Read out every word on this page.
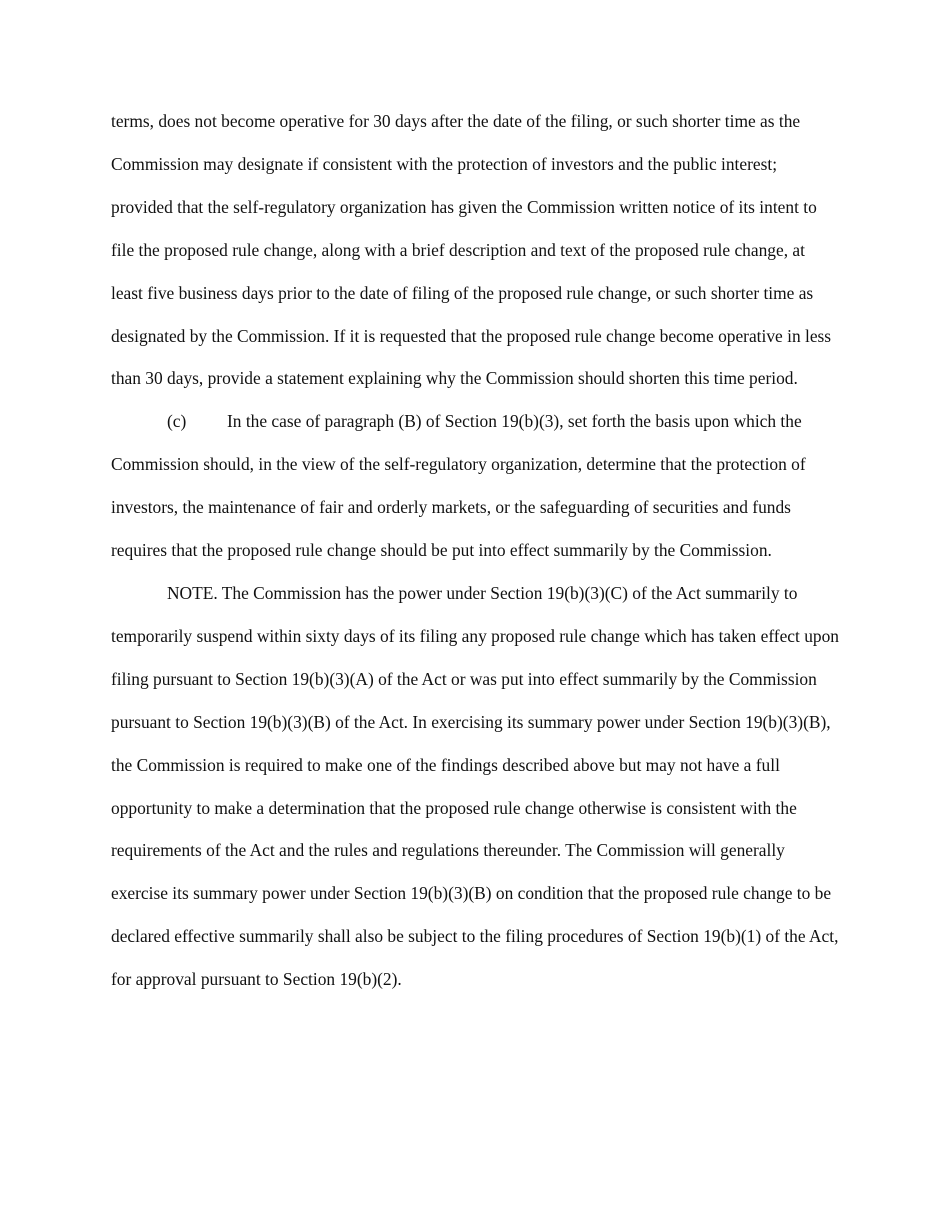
terms, does not become operative for 30 days after the date of the filing, or such shorter time as the Commission may designate if consistent with the protection of investors and the public interest; provided that the self-regulatory organization has given the Commission written notice of its intent to file the proposed rule change, along with a brief description and text of the proposed rule change, at least five business days prior to the date of filing of the proposed rule change, or such shorter time as designated by the Commission. If it is requested that the proposed rule change become operative in less than 30 days, provide a statement explaining why the Commission should shorten this time period.

(c) In the case of paragraph (B) of Section 19(b)(3), set forth the basis upon which the Commission should, in the view of the self-regulatory organization, determine that the protection of investors, the maintenance of fair and orderly markets, or the safeguarding of securities and funds requires that the proposed rule change should be put into effect summarily by the Commission.

NOTE. The Commission has the power under Section 19(b)(3)(C) of the Act summarily to temporarily suspend within sixty days of its filing any proposed rule change which has taken effect upon filing pursuant to Section 19(b)(3)(A) of the Act or was put into effect summarily by the Commission pursuant to Section 19(b)(3)(B) of the Act. In exercising its summary power under Section 19(b)(3)(B), the Commission is required to make one of the findings described above but may not have a full opportunity to make a determination that the proposed rule change otherwise is consistent with the requirements of the Act and the rules and regulations thereunder. The Commission will generally exercise its summary power under Section 19(b)(3)(B) on condition that the proposed rule change to be declared effective summarily shall also be subject to the filing procedures of Section 19(b)(1) of the Act, for approval pursuant to Section 19(b)(2).
